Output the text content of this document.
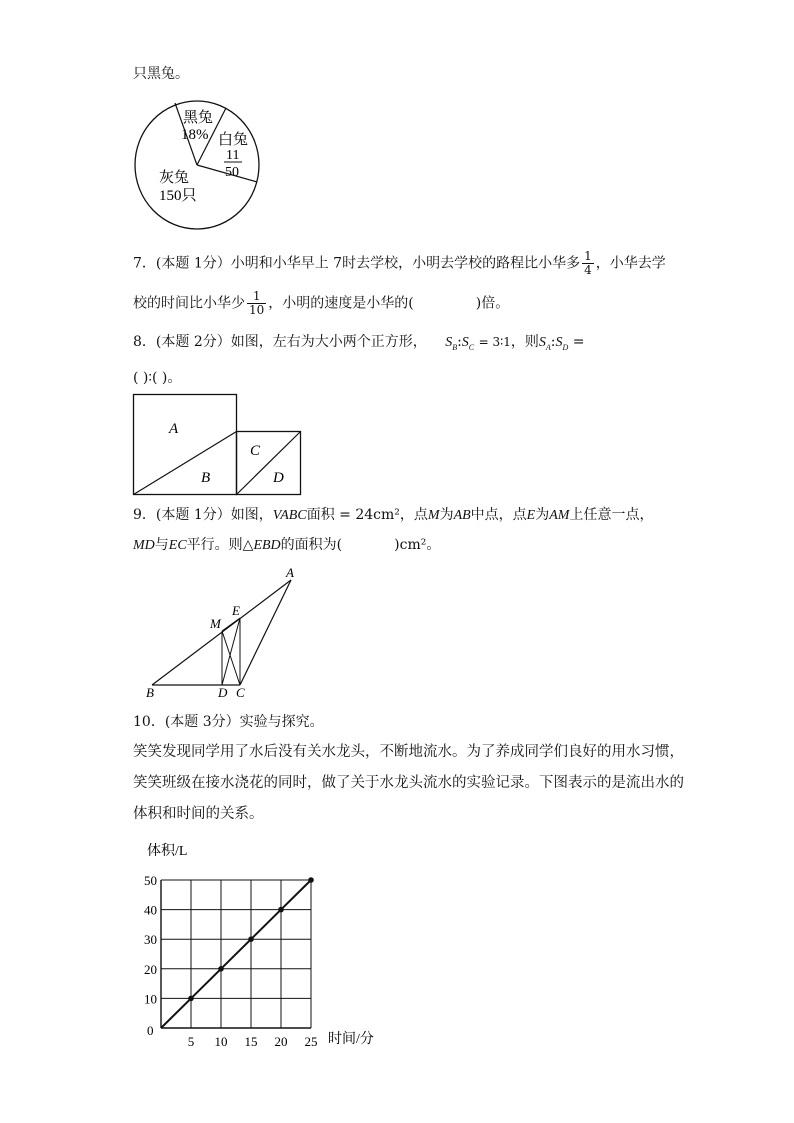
只黑兔。
黑兔
18% 白兔
11
50
灰兔
150只
7．(本题 1分）小明和小华早上 7时去学校，小明去学校的路程比小华多 $\frac{1}{4}$ ，小华去学
校的时间比小华少 $\frac{1}{10}$ ，小明的速度是小华的(	)倍。
8．(本题 2分）如图，左右为大小两个正方形， $S_B:S_C$ = 3∶1，则$S_A:S_D$ =
( )∶( )。
A
B
C
D
9．(本题 1分）如图，VABC面积 = 24cm²，点M为AB中点，点E为AM上任意一点，
MD与EC平行。则△EBD的面积为(	)cm²。
A
E
M
B	D C
10．(本题 3分）实验与探究。
笑笑发现同学用了水后没有关水龙头，不断地流水。为了养成同学们良好的用水习惯，
笑笑班级在接水浇花的同时，做了关于水龙头流水的实验记录。下图表示的是流出水的
体积和时间的关系。
5 10 15 20 25
10
20
30
40
50
体积/L
时间/分
0
